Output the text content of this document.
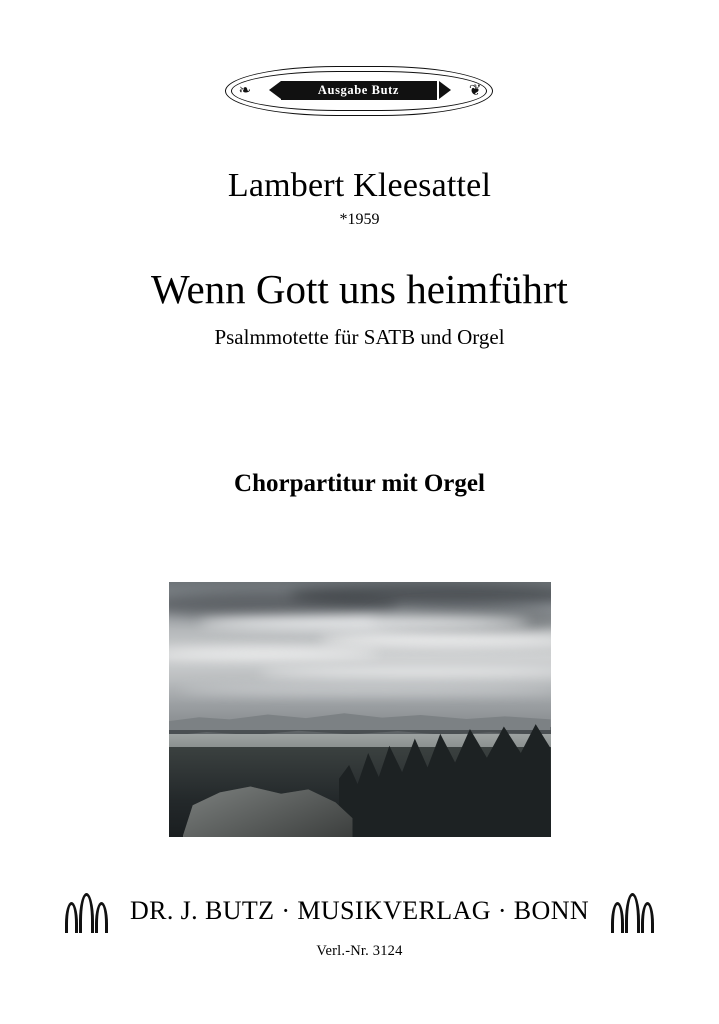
❧	❦
Ausgabe Butz
Lambert Kleesattel
*1959
Wenn Gott uns heimführt
Psalmmotette für SATB und Orgel
Chorpartitur mit Orgel
DR. J. BUTZ · MUSIKVERLAG · BONN
Verl.-Nr. 3124
